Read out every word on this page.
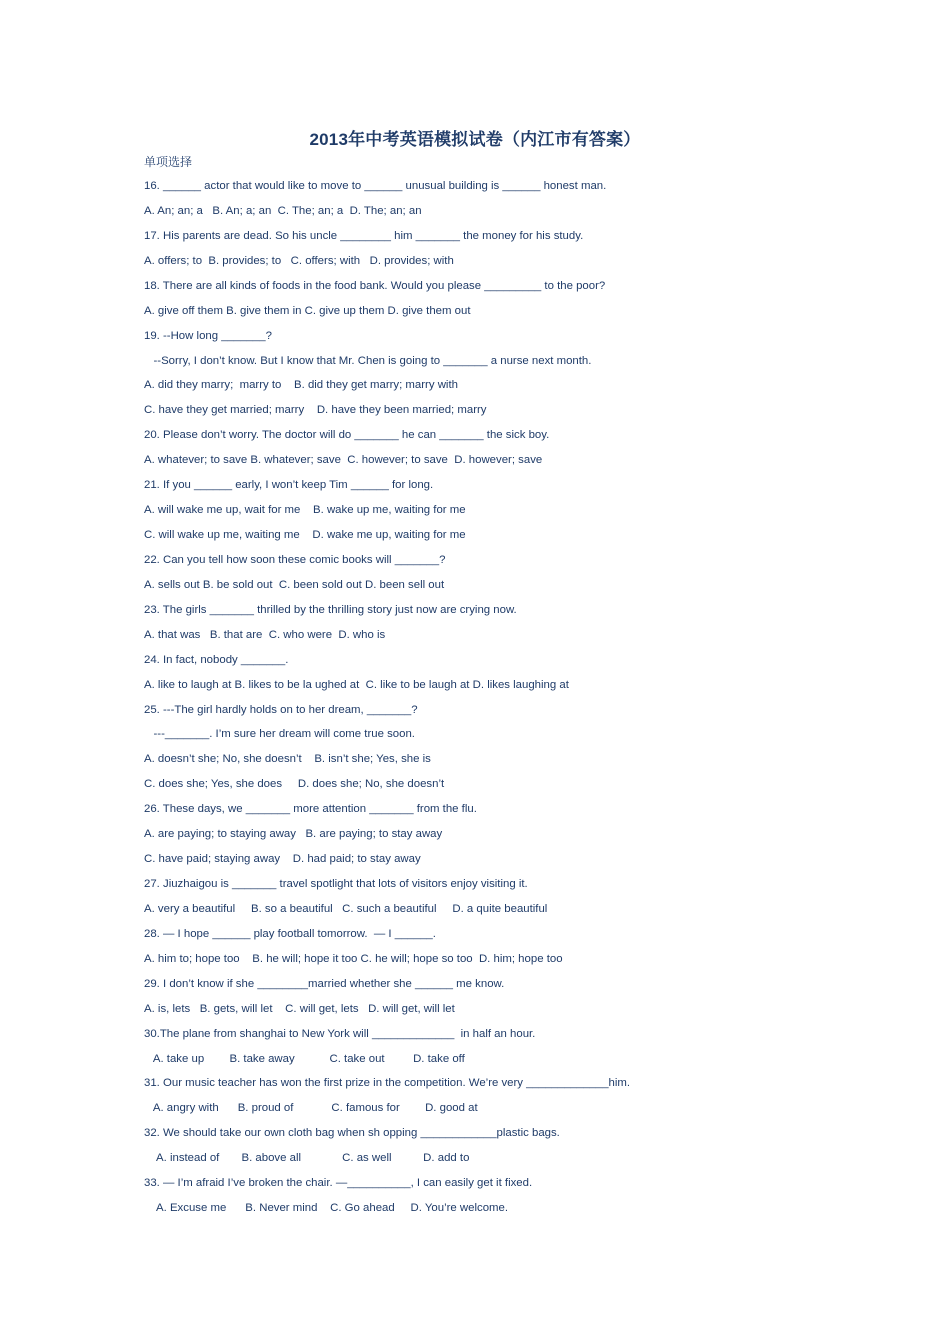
2013年中考英语模拟试卷（内江市有答案）
单项选择
16. ______ actor that would like to move to ______ unusual building is ______ honest man.
A. An; an; a   B. An; a; an  C. The; an; a  D. The; an; an
17. His parents are dead. So his uncle ________ him _______ the money for his study.
A. offers; to  B. provides; to   C. offers; with   D. provides; with
18. There are all kinds of foods in the food bank. Would you please _________ to the poor?
A. give off them B. give them in C. give up them D. give them out
19. --How long _______?
--Sorry, I don’t know. But I know that Mr. Chen is going to _______ a nurse next month.
A. did they marry;  marry to    B. did they get marry; marry with
C. have they get married; marry    D. have they been married; marry
20. Please don’t worry. The doctor will do _______ he can _______ the sick boy.
A. whatever; to save B. whatever; save  C. however; to save  D. however; save
21. If you ______ early, I won’t keep Tim ______ for long.
A. will wake me up, wait for me    B. wake up me, waiting for me
C. will wake up me, waiting me    D. wake me up, waiting for me
22. Can you tell how soon these comic books will _______?
A. sells out B. be sold out  C. been sold out D. been sell out
23. The girls _______ thrilled by the thrilling story just now are crying now.
A. that was   B. that are  C. who were  D. who is
24. In fact, nobody _______.
A. like to laugh at B. likes to be la ughed at  C. like to be laugh at D. likes laughing at
25. ---The girl hardly holds on to her dream, _______?
---_______. I’m sure her dream will come true soon.
A. doesn’t she; No, she doesn’t    B. isn’t she; Yes, she is
C. does she; Yes, she does     D. does she; No, she doesn’t
26. These days, we _______ more attention _______ from the flu.
A. are paying; to staying away   B. are paying; to stay away
C. have paid; staying away    D. had paid; to stay away
27. Jiuzhaigou is _______ travel spotlight that lots of visitors enjoy visiting it.
A. very a beautiful     B. so a beautiful   C. such a beautiful     D. a quite beautiful
28. — I hope ______ play football tomorrow.  — I ______.
A. him to; hope too    B. he will; hope it too C. he will; hope so too  D. him; hope too
29. I don’t know if she ________married whether she ______ me know.
A. is, lets   B. gets, will let    C. will get, lets   D. will get, will let
30.The plane from shanghai to New York will _____________  in half an hour.
A. take up        B. take away           C. take out         D. take off
31. Our music teacher has won the first prize in the competition. We’re very _____________him.
A. angry with      B. proud of            C. famous for        D. good at
32. We should take our own cloth bag when sh opping ____________plastic bags.
A. instead of       B. above all             C. as well          D. add to
33. — I’m afraid I’ve broken the chair. —__________, I can easily get it fixed.
A. Excuse me      B. Never mind    C. Go ahead     D. You’re welcome.
